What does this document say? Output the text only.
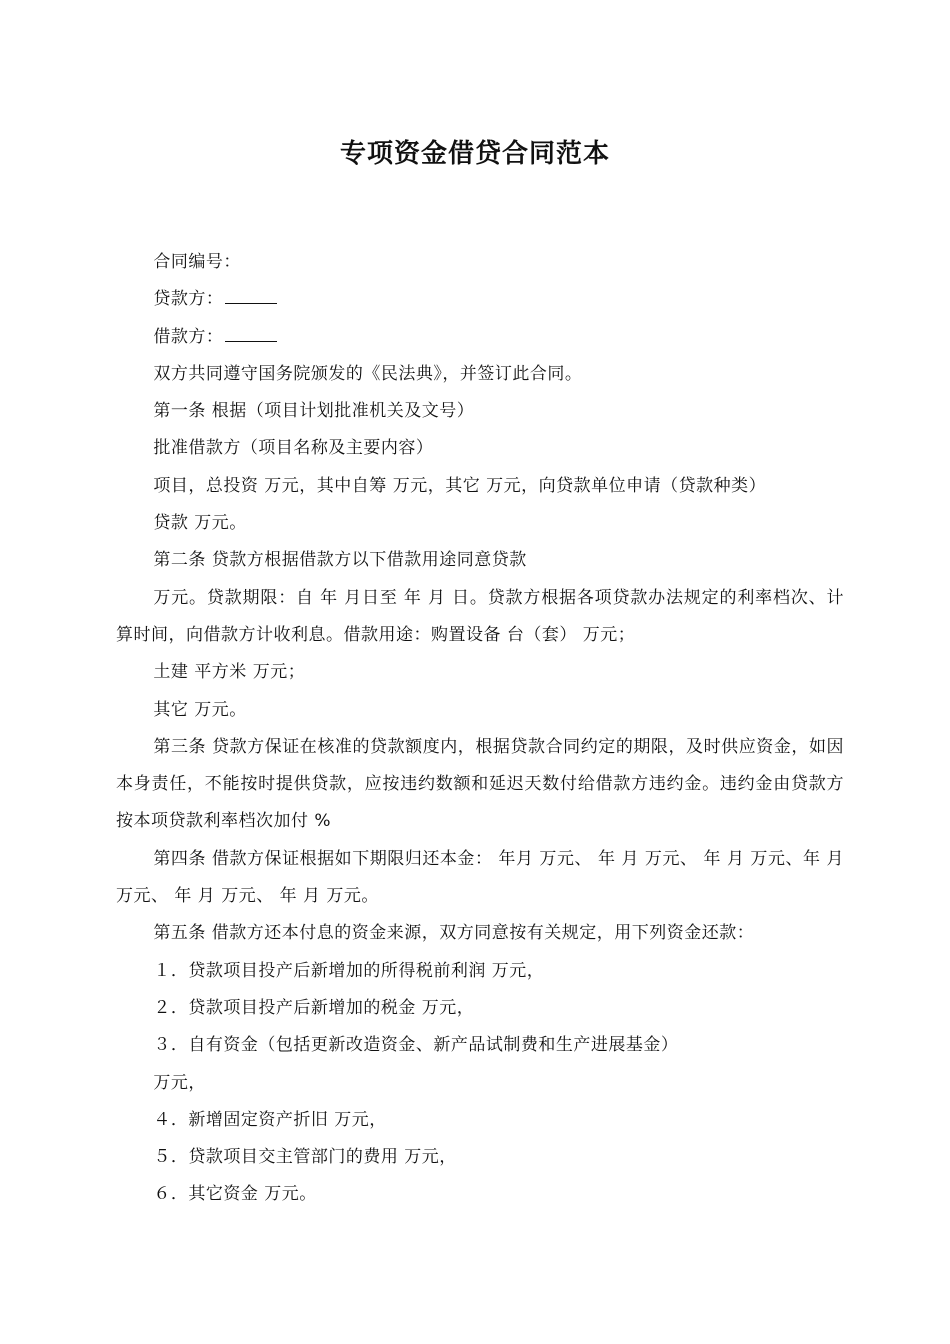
专项资金借贷合同范本

合同编号：

贷款方：

借款方：

双方共同遵守国务院颁发的《民法典》，并签订此合同。

第一条 根据（项目计划批准机关及文号）

批准借款方（项目名称及主要内容）

项目，总投资 万元，其中自筹 万元，其它 万元，向贷款单位申请（贷款种类）

贷款 万元。

第二条 贷款方根据借款方以下借款用途同意贷款

万元。贷款期限：自 年 月日至 年 月 日。贷款方根据各项贷款办法规定的利率档次、计算时间，向借款方计收利息。借款用途：购置设备 台（套） 万元；

土建 平方米 万元；

其它 万元。

第三条 贷款方保证在核准的贷款额度内，根据贷款合同约定的期限，及时供应资金，如因本身责任，不能按时提供贷款，应按违约数额和延迟天数付给借款方违约金。违约金由贷款方按本项贷款利率档次加付 %

第四条 借款方保证根据如下期限归还本金： 年月 万元、 年 月 万元、 年 月 万元、年 月 万元、 年 月 万元、 年 月 万元。

第五条 借款方还本付息的资金来源，双方同意按有关规定，用下列资金还款：

１．贷款项目投产后新增加的所得税前利润 万元，

２．贷款项目投产后新增加的税金 万元，

３．自有资金（包括更新改造资金、新产品试制费和生产进展基金）

万元，

４．新增固定资产折旧 万元，

５．贷款项目交主管部门的费用 万元，

６．其它资金 万元。
